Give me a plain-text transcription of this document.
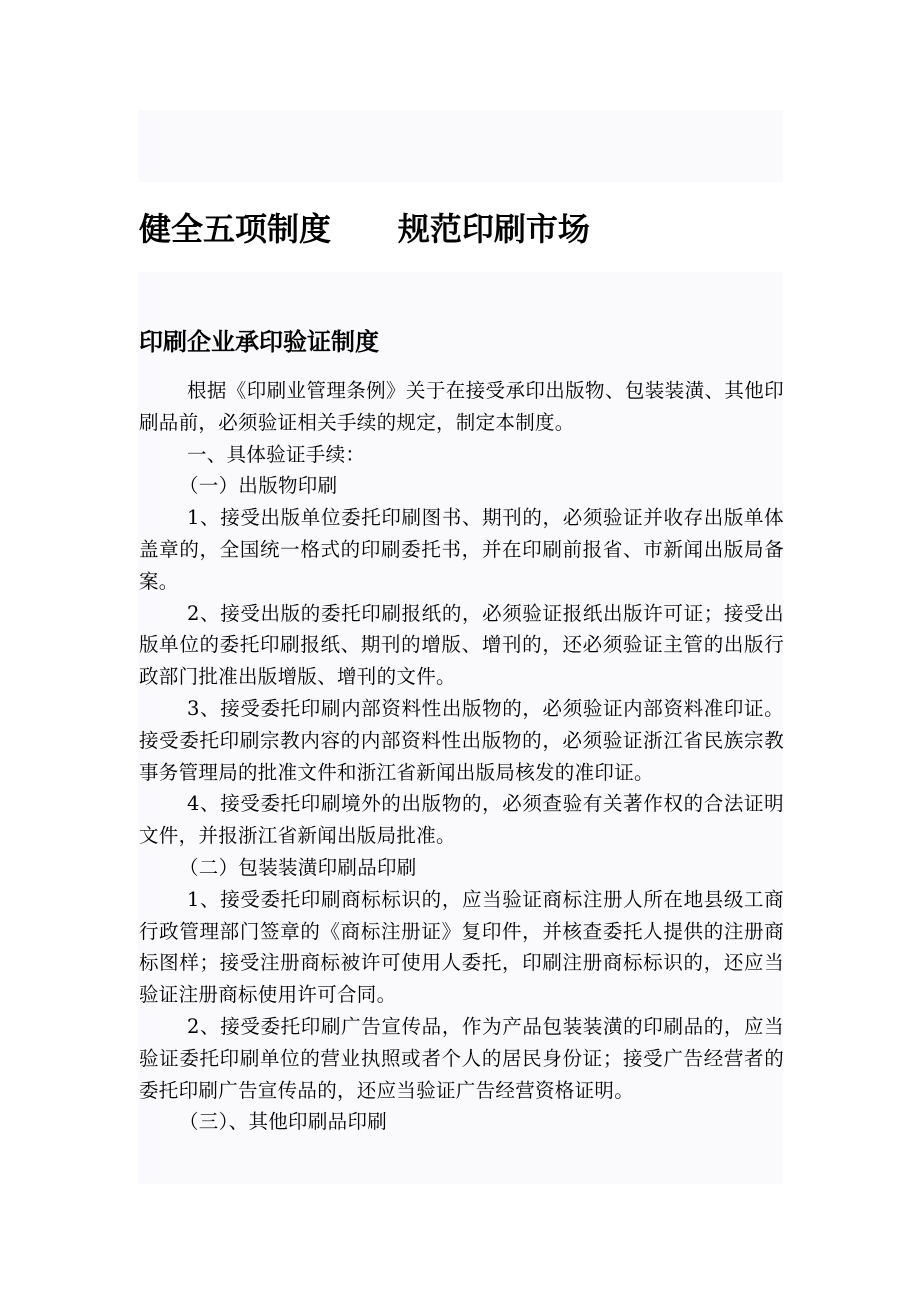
健全五项制度      规范印刷市场
印刷企业承印验证制度

根据《印刷业管理条例》关于在接受承印出版物、包装装潢、其他印刷品前，必须验证相关手续的规定，制定本制度。

一、具体验证手续：

（一）出版物印刷

1、接受出版单位委托印刷图书、期刊的，必须验证并收存出版单体盖章的，全国统一格式的印刷委托书，并在印刷前报省、市新闻出版局备案。

2、接受出版的委托印刷报纸的，必须验证报纸出版许可证；接受出版单位的委托印刷报纸、期刊的增版、增刊的，还必须验证主管的出版行政部门批准出版增版、增刊的文件。

3、接受委托印刷内部资料性出版物的，必须验证内部资料准印证。接受委托印刷宗教内容的内部资料性出版物的，必须验证浙江省民族宗教事务管理局的批准文件和浙江省新闻出版局核发的准印证。

4、接受委托印刷境外的出版物的，必须查验有关著作权的合法证明文件，并报浙江省新闻出版局批准。

（二）包装装潢印刷品印刷

1、接受委托印刷商标标识的，应当验证商标注册人所在地县级工商行政管理部门签章的《商标注册证》复印件，并核查委托人提供的注册商标图样；接受注册商标被许可使用人委托，印刷注册商标标识的，还应当验证注册商标使用许可合同。

2、接受委托印刷广告宣传品，作为产品包装装潢的印刷品的，应当验证委托印刷单位的营业执照或者个人的居民身份证；接受广告经营者的委托印刷广告宣传品的，还应当验证广告经营资格证明。

（三）、其他印刷品印刷
